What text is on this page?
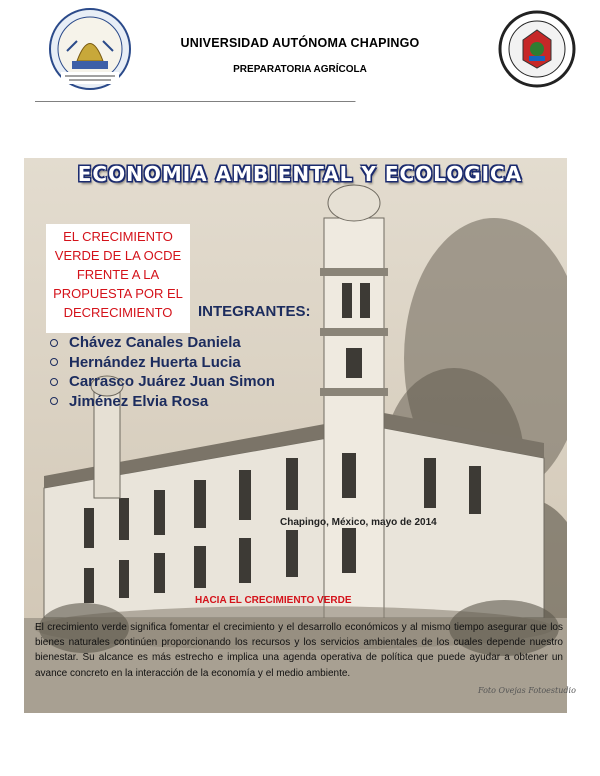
UNIVERSIDAD AUTÓNOMA CHAPINGO
PREPARATORIA AGRÍCOLA
_______________________________________________________________________
ECONOMIA AMBIENTAL Y ECOLOGICA
EL CRECIMIENTO VERDE DE LA OCDE FRENTE A LA PROPUESTA POR EL DECRECIMIENTO	INTEGRANTES:
Chávez Canales Daniela
Hernández Huerta Lucia
Carrasco Juárez Juan Simon
Jiménez Elvia Rosa
Chapingo, México, mayo de 2014
HACIA EL CRECIMIENTO VERDE
El crecimiento verde significa fomentar el crecimiento y el desarrollo económicos y al mismo tiempo asegurar que los bienes naturales continúen proporcionando los recursos y los servicios ambientales de los cuales depende nuestro bienestar. Su alcance es más estrecho e implica una agenda operativa de política que puede ayudar a obtener un avance concreto en la interacción de la economía y el medio ambiente.
Foto Ovejas Fotoestudio
